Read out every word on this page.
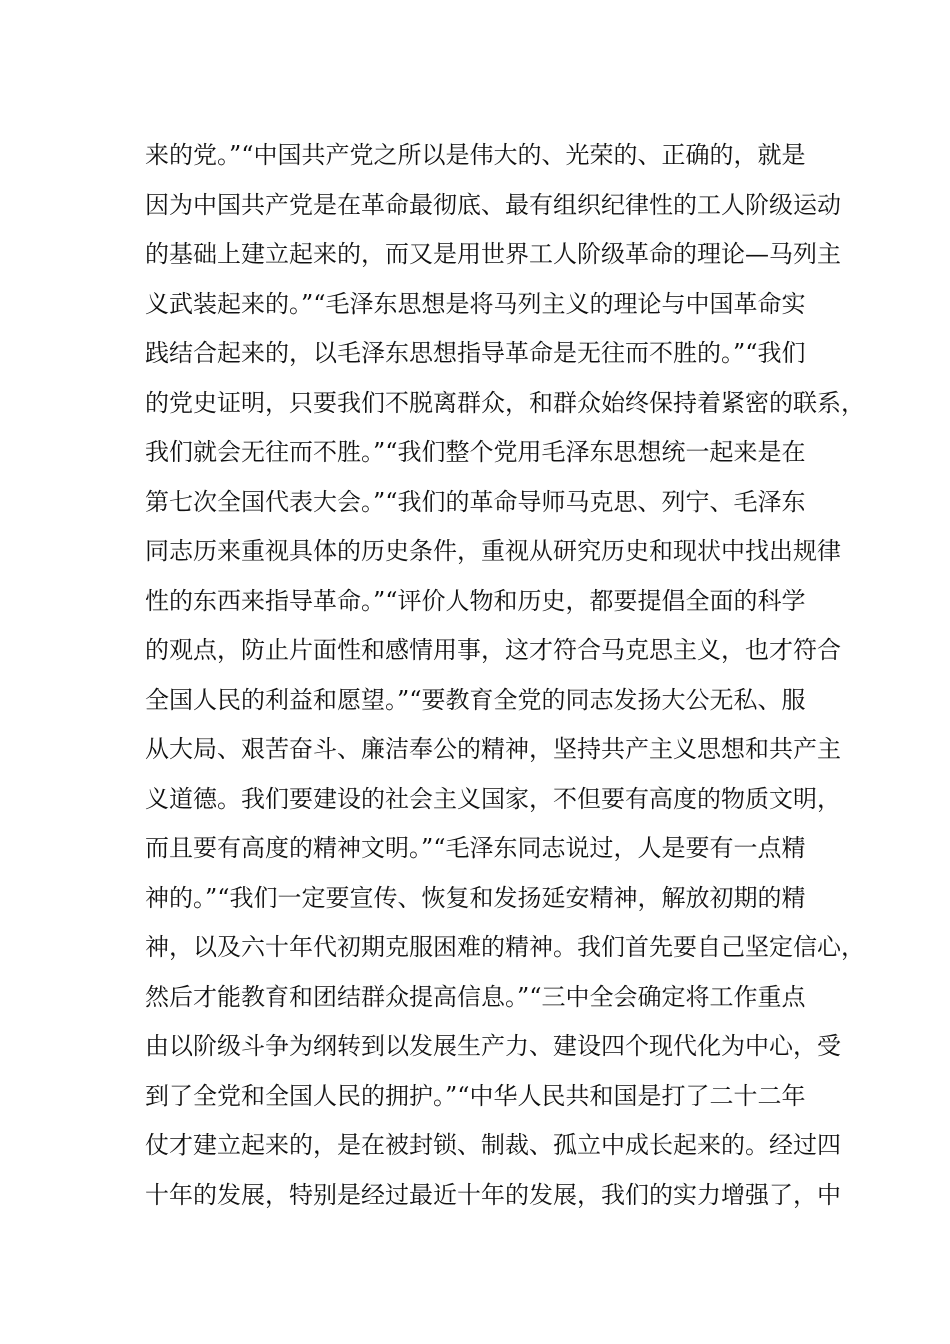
来的党。”“中国共产党之所以是伟大的、光荣的、正确的，就是
因为中国共产党是在革命最彻底、最有组织纪律性的工人阶级运动
的基础上建立起来的，而又是用世界工人阶级革命的理论—马列主
义武装起来的。”“毛泽东思想是将马列主义的理论与中国革命实
践结合起来的，以毛泽东思想指导革命是无往而不胜的。”“我们
的党史证明，只要我们不脱离群众，和群众始终保持着紧密的联系，
我们就会无往而不胜。”“我们整个党用毛泽东思想统一起来是在
第七次全国代表大会。”“我们的革命导师马克思、列宁、毛泽东
同志历来重视具体的历史条件，重视从研究历史和现状中找出规律
性的东西来指导革命。”“评价人物和历史，都要提倡全面的科学
的观点，防止片面性和感情用事，这才符合马克思主义，也才符合
全国人民的利益和愿望。”“要教育全党的同志发扬大公无私、服
从大局、艰苦奋斗、廉洁奉公的精神，坚持共产主义思想和共产主
义道德。我们要建设的社会主义国家，不但要有高度的物质文明，
而且要有高度的精神文明。”“毛泽东同志说过，人是要有一点精
神的。”“我们一定要宣传、恢复和发扬延安精神，解放初期的精
神，以及六十年代初期克服困难的精神。我们首先要自己坚定信心，
然后才能教育和团结群众提高信息。”“三中全会确定将工作重点
由以阶级斗争为纲转到以发展生产力、建设四个现代化为中心，受
到了全党和全国人民的拥护。”“中华人民共和国是打了二十二年
仗才建立起来的，是在被封锁、制裁、孤立中成长起来的。经过四
十年的发展，特别是经过最近十年的发展，我们的实力增强了，中
